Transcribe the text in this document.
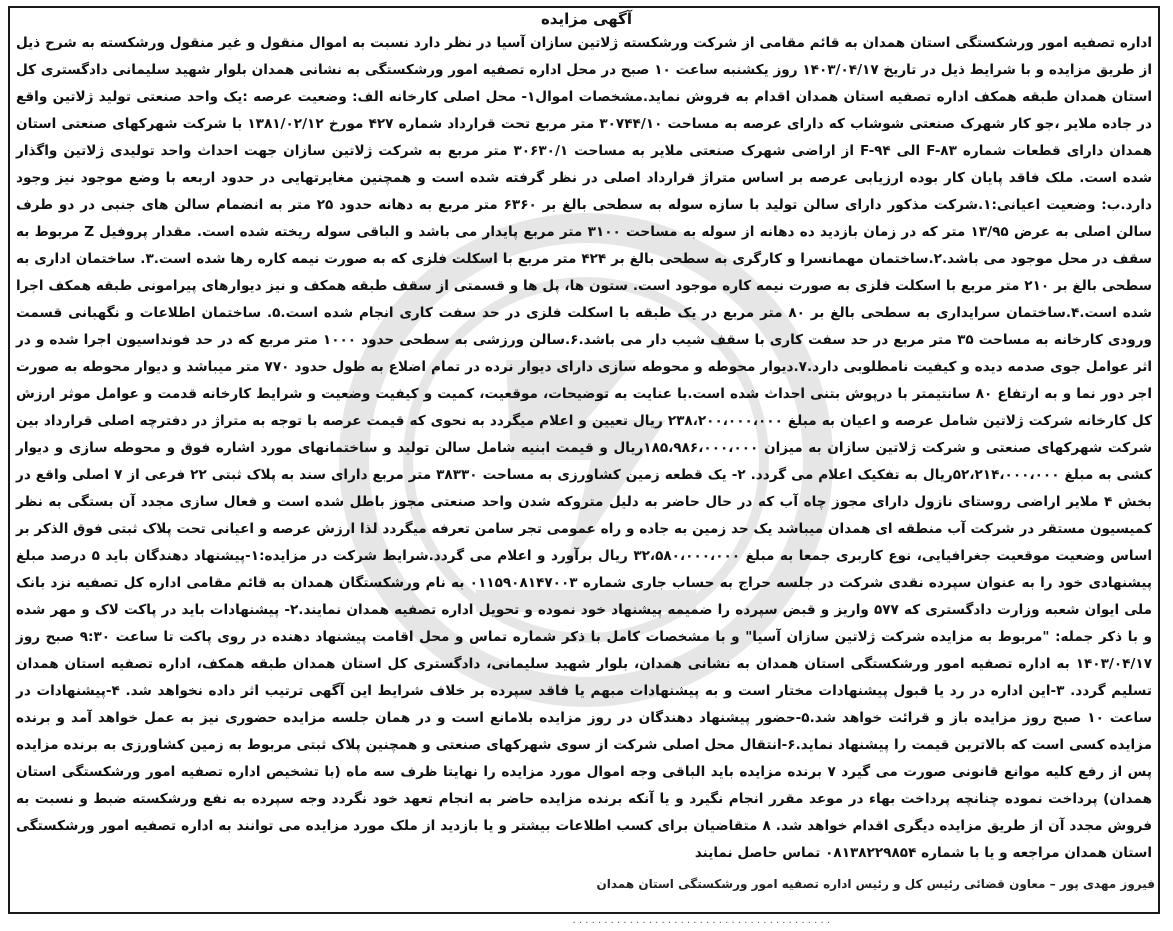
آگهی مزایده
اداره تصفیه امور ورشکستگی استان همدان به قائم مقامی از شرکت ورشکسته ژلاتین سازان آسیا در نظر دارد نسبت به اموال منقول و غیر منقول ورشکسته به شرح ذیل از طریق مزایده و با شرایط ذیل در تاریخ ۱۴۰۳/۰۴/۱۷ روز یکشنبه ساعت ۱۰ صبح در محل اداره تصفیه امور ورشکستگی به نشانی همدان بلوار شهید سلیمانی دادگستری کل استان همدان طبقه همکف اداره تصفیه استان همدان اقدام به فروش نماید.مشخصات اموال۱- محل اصلی کارخانه الف: وضعیت عرصه :یک واحد صنعتی تولید ژلاتین واقع در جاده ملایر ،جو کار شهرک صنعتی شوشاب که دارای عرصه به مساحت ۳۰۷۴۴/۱۰ متر مربع تحت قرارداد شماره ۴۲۷ مورخ ۱۳۸۱/۰۲/۱۲ با شرکت شهرکهای صنعتی استان همدان دارای قطعات شماره F-۸۳ الی F-۹۴ از اراضی شهرک صنعتی ملایر به مساحت ۳۰۶۳۰/۱ متر مربع به شرکت ژلاتین سازان جهت احداث واحد تولیدی ژلاتین واگذار شده است. ملک فاقد پایان کار بوده ارزیابی عرصه بر اساس متراژ قرارداد اصلی در نظر گرفته شده است و همچنین مغایرتهایی در حدود اربعه با وضع موجود نیز وجود دارد.ب: وضعیت اعیانی:۱.شرکت مذکور دارای سالن تولید با سازه سوله به سطحی بالغ بر ۶۳۶۰ متر مربع به دهانه حدود ۲۵ متر به انضمام سالن های جنبی در دو طرف سالن اصلی به عرض ۱۳/۹۵ متر که در زمان بازدید ده دهانه از سوله به مساحت ۳۱۰۰ متر مربع پایدار می باشد و الباقی سوله ریخته شده است. مقدار پروفیل Z مربوط به سقف در محل موجود می باشد.۲.ساختمان مهمانسرا و کارگری به سطحی بالغ بر ۴۲۴ متر مربع با اسکلت فلزی که به صورت نیمه کاره رها شده است.۳. ساختمان اداری به سطحی بالغ بر ۲۱۰ متر مربع با اسکلت فلزی به صورت نیمه کاره موجود است. ستون ها، پل ها و قسمتی از سقف طبقه همکف و نیز دیوارهای پیرامونی طبقه همکف اجرا شده است.۴.ساختمان سرایداری به سطحی بالغ بر ۸۰ متر مربع در یک طبقه با اسکلت فلزی در حد سفت کاری انجام شده است.۵. ساختمان اطلاعات و نگهبانی قسمت ورودی کارخانه به مساحت ۳۵ متر مربع در حد سفت کاری با سقف شیب دار می باشد.۶.سالن ورزشی به سطحی حدود ۱۰۰۰ متر مربع که در حد فونداسیون اجرا شده و در اثر عوامل جوی صدمه دیده و کیفیت نامطلوبی دارد.۷.دیوار محوطه و محوطه سازی دارای دیوار نرده در تمام اضلاع به طول حدود ۷۷۰ متر میباشد و دیوار محوطه به صورت اجر دور نما و به ارتفاع ۸۰ سانتیمتر با درپوش بتنی احداث شده است.با عنایت به توضیحات، موقعیت، کمیت و کیفیت وضعیت و شرایط کارخانه قدمت و عوامل موثر ارزش کل کارخانه شرکت ژلاتین شامل عرصه و اعیان به مبلغ ۲۳۸،۲۰۰،۰۰۰،۰۰۰ ریال تعیین و اعلام میگردد به نحوی که قیمت عرصه با توجه به متراژ در دفترچه اصلی قرارداد بین شرکت شهرکهای صنعتی و شرکت ژلاتین سازان به میزان ۱۸۵،۹۸۶،۰۰۰،۰۰۰ریال و قیمت ابنیه شامل سالن تولید و ساختمانهای مورد اشاره فوق و محوطه سازی و دیوار کشی به مبلغ ۵۲،۲۱۴،۰۰۰،۰۰۰ریال به تفکیک اعلام می گردد. ۲- یک قطعه زمین کشاورزی به مساحت ۳۸۳۳۰ متر مربع دارای سند به پلاک ثبتی ۲۲ فرعی از ۷ اصلی واقع در بخش ۴ ملایر اراضی روستای نازول دارای مجوز چاه آب که در حال حاضر به دلیل متروکه شدن واحد صنعتی مجوز باطل شده است و فعال سازی مجدد آن بستگی به نظر کمیسیون مستقر در شرکت آب منطقه ای همدان میباشد یک حد زمین به جاده و راه عمومی تجر سامن تعرفه میگردد لذا ارزش عرصه و اعیانی تحت پلاک ثبتی فوق الذکر بر اساس وضعیت موقعیت جغرافیایی، نوع کاربری جمعا به مبلغ ۳۲،۵۸۰،۰۰۰،۰۰۰ ریال برآورد و اعلام می گردد.شرایط شرکت در مزایده:۱-پیشنهاد دهندگان باید ۵ درصد مبلغ پیشنهادی خود را به عنوان سپرده نقدی شرکت در جلسه حراج به حساب جاری شماره ۰۱۱۵۹۰۸۱۴۷۰۰۳ به نام ورشکستگان همدان به قائم مقامی اداره کل تصفیه نزد بانک ملی ایوان شعبه وزارت دادگستری که ۵۷۷ واریز و قبض سپرده را ضمیمه پیشنهاد خود نموده و تحویل اداره تصفیه همدان نمایند.۲- پیشنهادات باید در پاکت لاک و مهر شده و با ذکر جمله: "مربوط به مزایده شرکت ژلاتین سازان آسیا" و با مشخصات کامل با ذکر شماره تماس و محل اقامت پیشنهاد دهنده در روی پاکت تا ساعت ۹:۳۰ صبح روز ۱۴۰۳/۰۴/۱۷ به اداره تصفیه امور ورشکستگی استان همدان به نشانی همدان، بلوار شهید سلیمانی، دادگستری کل استان همدان طبقه همکف، اداره تصفیه استان همدان تسلیم گردد. ۳-این اداره در رد یا قبول پیشنهادات مختار است و به پیشنهادات مبهم یا فاقد سپرده بر خلاف شرایط این آگهی ترتیب اثر داده نخواهد شد. ۴-پیشنهادات در ساعت ۱۰ صبح روز مزایده باز و قرائت خواهد شد.۵-حضور پیشنهاد دهندگان در روز مزایده بلامانع است و در همان جلسه مزایده حضوری نیز به عمل خواهد آمد و برنده مزایده کسی است که بالاترین قیمت را پیشنهاد نماید.۶-انتقال محل اصلی شرکت از سوی شهرکهای صنعتی و همچنین پلاک ثبتی مربوط به زمین کشاورزی به برنده مزایده پس از رفع کلیه موانع قانونی صورت می گیرد ۷ برنده مزایده باید الباقی وجه اموال مورد مزایده را نهایتا ظرف سه ماه (با تشخیص اداره تصفیه امور ورشکستگی استان همدان) پرداخت نموده چنانچه پرداخت بهاء در موعد مقرر انجام نگیرد و یا آنکه برنده مزایده حاضر به انجام تعهد خود نگردد وجه سپرده به نفع ورشکسته ضبط و نسبت به فروش مجدد آن از طریق مزایده دیگری اقدام خواهد شد. ۸ متقاضیان برای کسب اطلاعات بیشتر و یا بازدید از ملک مورد مزایده می توانند به اداره تصفیه امور ورشکستگی استان همدان مراجعه و یا با شماره ۰۸۱۳۸۲۲۹۸۵۴ تماس حاصل نمایند
فیروز مهدی پور – معاون قضائی رئیس کل و رئیس اداره تصفیه امور ورشکستگی استان همدان
· · · · · · · · · · · · · · · · · · · · · · · · · · · · · · · · · · · · · · · · ·
